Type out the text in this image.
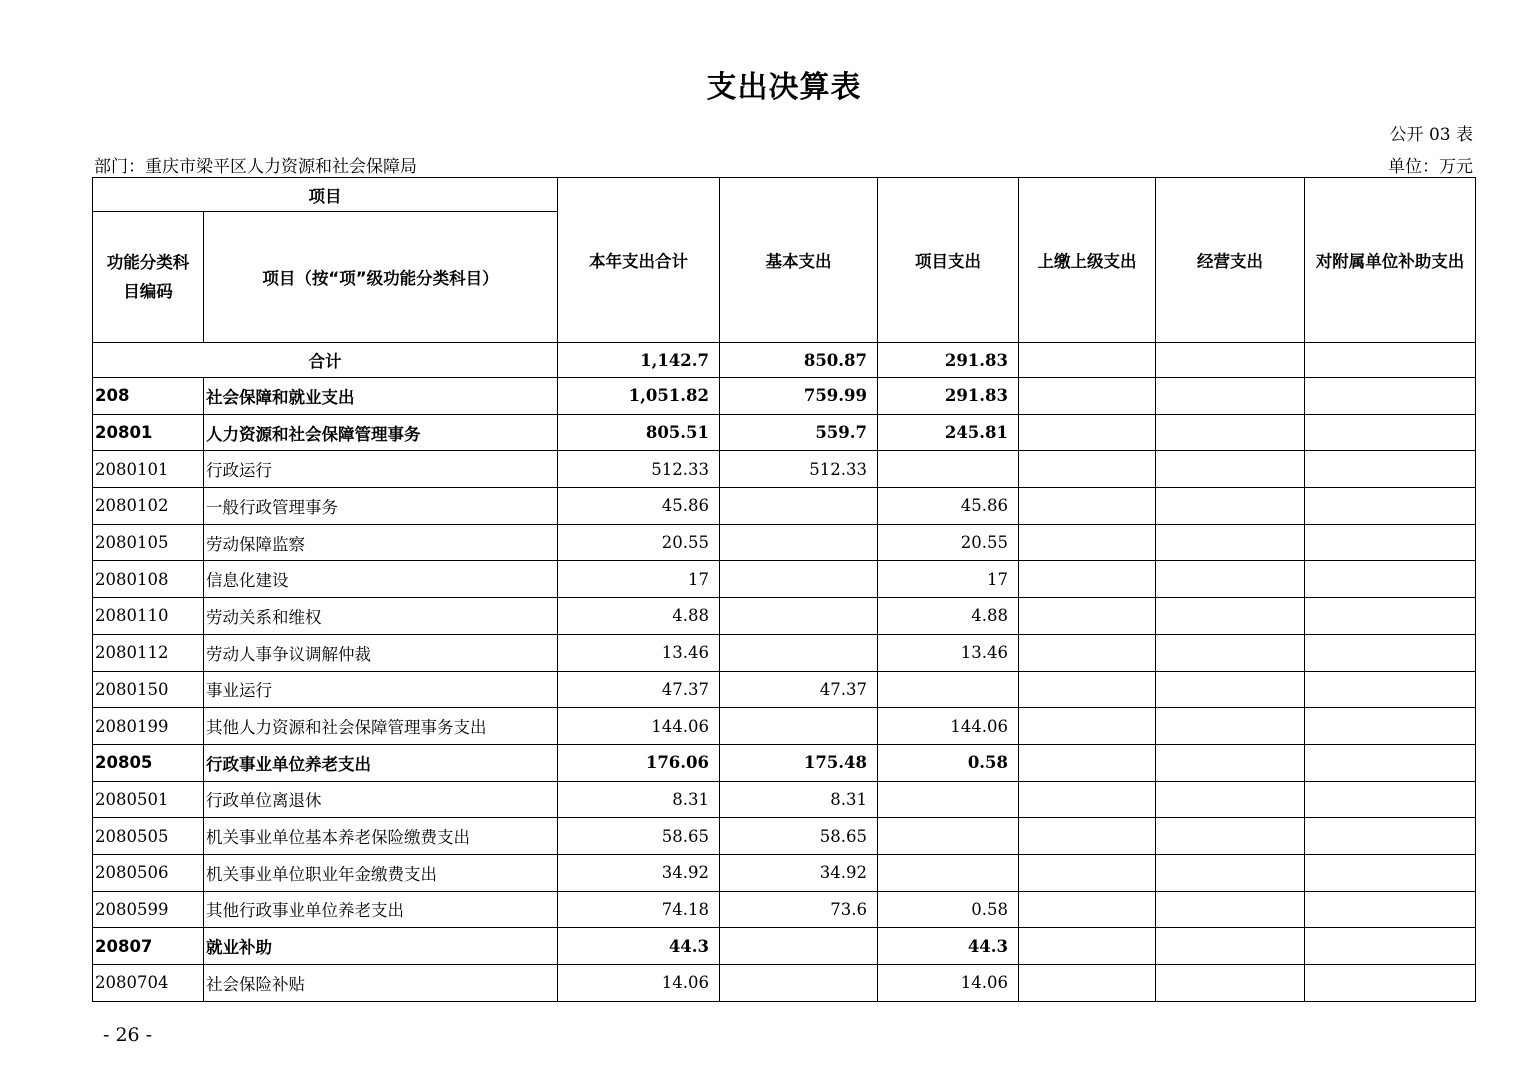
支出决算表
公开 03 表
部门：重庆市梁平区人力资源和社会保障局	单位：万元
项目		本年支出合计	基本支出	项目支出	上缴上级支出	经营支出	对附属单位补助支出
功能分类科目编码	项目（按“项”级功能分类科目）						
合计		1,142.7	850.87	291.83			
208	社会保障和就业支出	1,051.82	759.99	291.83			
20801	人力资源和社会保障管理事务	805.51	559.7	245.81			
2080101	行政运行	512.33	512.33				
2080102	一般行政管理事务	45.86		45.86			
2080105	劳动保障监察	20.55		20.55			
2080108	信息化建设	17		17			
2080110	劳动关系和维权	4.88		4.88			
2080112	劳动人事争议调解仲裁	13.46		13.46			
2080150	事业运行	47.37	47.37				
2080199	其他人力资源和社会保障管理事务支出	144.06		144.06			
20805	行政事业单位养老支出	176.06	175.48	0.58			
2080501	行政单位离退休	8.31	8.31				
2080505	机关事业单位基本养老保险缴费支出	58.65	58.65				
2080506	机关事业单位职业年金缴费支出	34.92	34.92				
2080599	其他行政事业单位养老支出	74.18	73.6	0.58			
20807	就业补助	44.3		44.3			
2080704	社会保险补贴	14.06		14.06			
- 26 -
